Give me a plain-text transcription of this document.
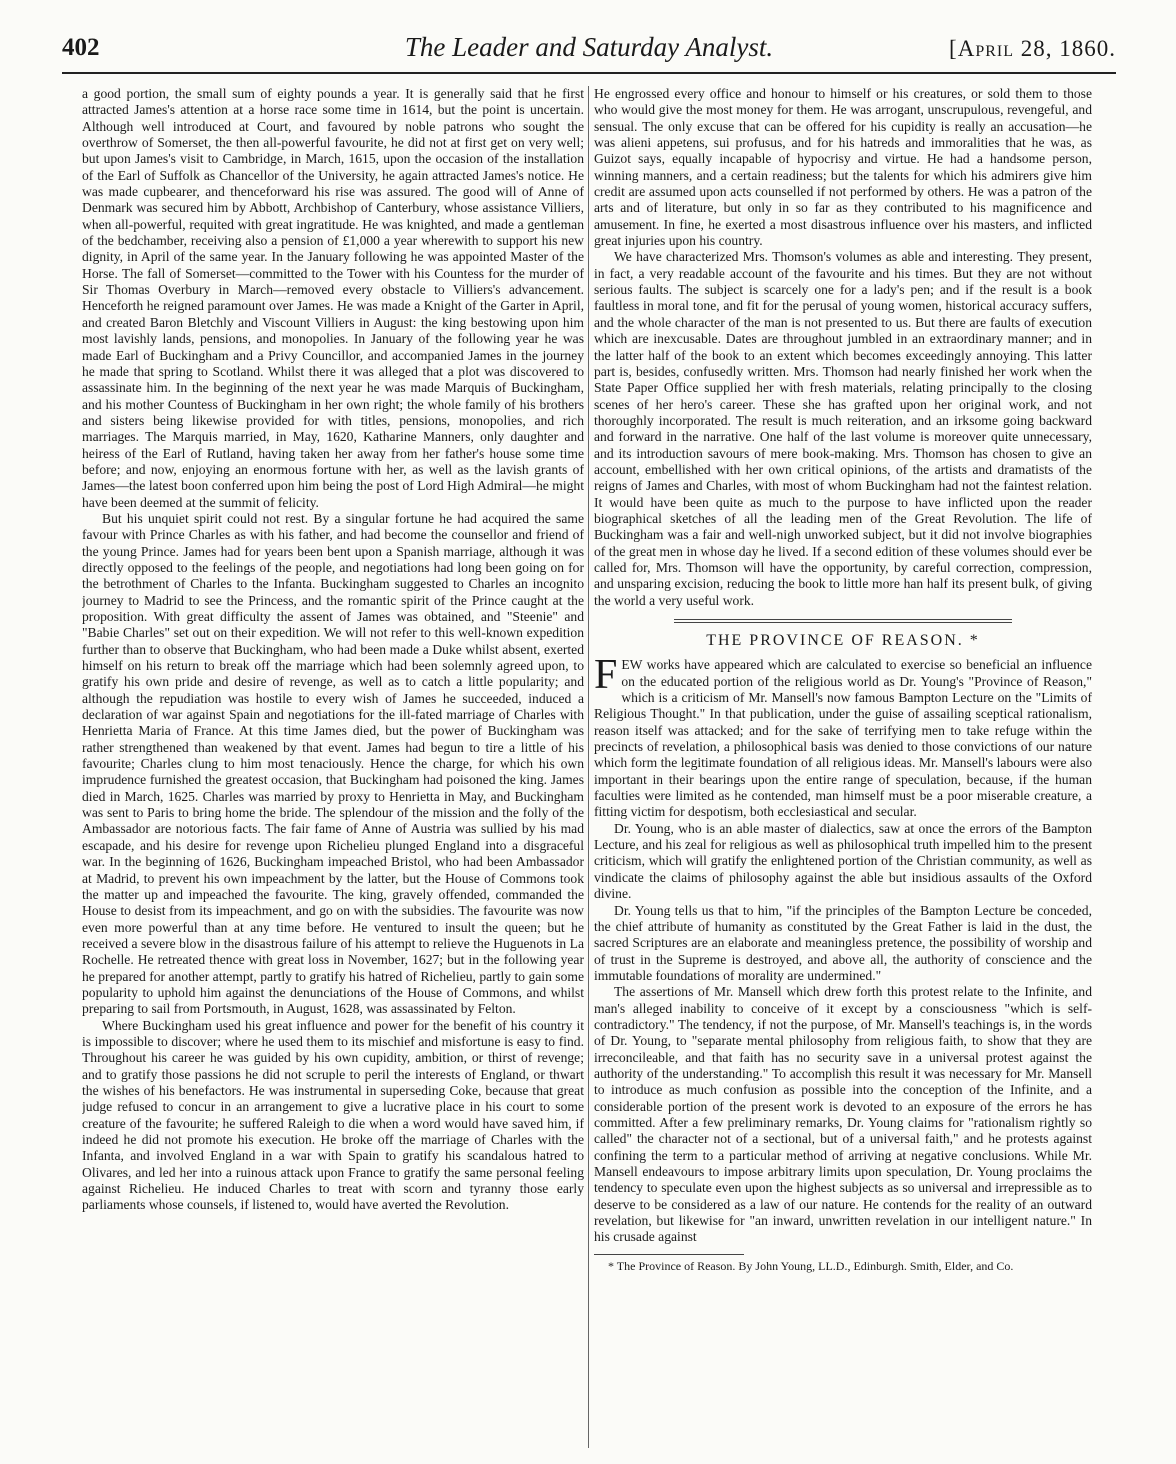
402	The Leader and Saturday Analyst.	[April 28, 1860.

a good portion, the small sum of eighty pounds a year. It is generally said that he first attracted James's attention at a horse race some time in 1614, but the point is uncertain. Although well introduced at Court, and favoured by noble patrons who sought the overthrow of Somerset, the then all-powerful favourite, he did not at first get on very well; but upon James's visit to Cambridge, in March, 1615, upon the occasion of the installation of the Earl of Suffolk as Chancellor of the University, he again attracted James's notice. He was made cupbearer, and thenceforward his rise was assured. The good will of Anne of Denmark was secured him by Abbott, Archbishop of Canterbury, whose assistance Villiers, when all-powerful, requited with great ingratitude. He was knighted, and made a gentleman of the bedchamber, receiving also a pension of £1,000 a year wherewith to support his new dignity, in April of the same year. In the January following he was appointed Master of the Horse. The fall of Somerset—committed to the Tower with his Countess for the murder of Sir Thomas Overbury in March—removed every obstacle to Villiers's advancement. Henceforth he reigned paramount over James. He was made a Knight of the Garter in April, and created Baron Bletchly and Viscount Villiers in August: the king bestowing upon him most lavishly lands, pensions, and monopolies. In January of the following year he was made Earl of Buckingham and a Privy Councillor, and accompanied James in the journey he made that spring to Scotland. Whilst there it was alleged that a plot was discovered to assassinate him. In the beginning of the next year he was made Marquis of Buckingham, and his mother Countess of Buckingham in her own right; the whole family of his brothers and sisters being likewise provided for with titles, pensions, monopolies, and rich marriages. The Marquis married, in May, 1620, Katharine Manners, only daughter and heiress of the Earl of Rutland, having taken her away from her father's house some time before; and now, enjoying an enormous fortune with her, as well as the lavish grants of James—the latest boon conferred upon him being the post of Lord High Admiral—he might have been deemed at the summit of felicity.

But his unquiet spirit could not rest. By a singular fortune he had acquired the same favour with Prince Charles as with his father, and had become the counsellor and friend of the young Prince. James had for years been bent upon a Spanish marriage, although it was directly opposed to the feelings of the people, and negotiations had long been going on for the betrothment of Charles to the Infanta. Buckingham suggested to Charles an incognito journey to Madrid to see the Princess, and the romantic spirit of the Prince caught at the proposition. With great difficulty the assent of James was obtained, and "Steenie" and "Babie Charles" set out on their expedition. We will not refer to this well-known expedition further than to observe that Buckingham, who had been made a Duke whilst absent, exerted himself on his return to break off the marriage which had been solemnly agreed upon, to gratify his own pride and desire of revenge, as well as to catch a little popularity; and although the repudiation was hostile to every wish of James he succeeded, induced a declaration of war against Spain and negotiations for the ill-fated marriage of Charles with Henrietta Maria of France. At this time James died, but the power of Buckingham was rather strengthened than weakened by that event. James had begun to tire a little of his favourite; Charles clung to him most tenaciously. Hence the charge, for which his own imprudence furnished the greatest occasion, that Buckingham had poisoned the king. James died in March, 1625. Charles was married by proxy to Henrietta in May, and Buckingham was sent to Paris to bring home the bride. The splendour of the mission and the folly of the Ambassador are notorious facts. The fair fame of Anne of Austria was sullied by his mad escapade, and his desire for revenge upon Richelieu plunged England into a disgraceful war. In the beginning of 1626, Buckingham impeached Bristol, who had been Ambassador at Madrid, to prevent his own impeachment by the latter, but the House of Commons took the matter up and impeached the favourite. The king, gravely offended, commanded the House to desist from its impeachment, and go on with the subsidies. The favourite was now even more powerful than at any time before. He ventured to insult the queen; but he received a severe blow in the disastrous failure of his attempt to relieve the Huguenots in La Rochelle. He retreated thence with great loss in November, 1627; but in the following year he prepared for another attempt, partly to gratify his hatred of Richelieu, partly to gain some popularity to uphold him against the denunciations of the House of Commons, and whilst preparing to sail from Portsmouth, in August, 1628, was assassinated by Felton.

Where Buckingham used his great influence and power for the benefit of his country it is impossible to discover; where he used them to its mischief and misfortune is easy to find. Throughout his career he was guided by his own cupidity, ambition, or thirst of revenge; and to gratify those passions he did not scruple to peril the interests of England, or thwart the wishes of his benefactors. He was instrumental in superseding Coke, because that great judge refused to concur in an arrangement to give a lucrative place in his court to some creature of the favourite; he suffered Raleigh to die when a word would have saved him, if indeed he did not promote his execution. He broke off the marriage of Charles with the Infanta, and involved England in a war with Spain to gratify his scandalous hatred to Olivares, and led her into a ruinous attack upon France to gratify the same personal feeling against Richelieu. He induced Charles to treat with scorn and tyranny those early parliaments whose counsels, if listened to, would have averted the Revolution.

He engrossed every office and honour to himself or his creatures, or sold them to those who would give the most money for them. He was arrogant, unscrupulous, revengeful, and sensual. The only excuse that can be offered for his cupidity is really an accusation—he was alieni appetens, sui profusus, and for his hatreds and immoralities that he was, as Guizot says, equally incapable of hypocrisy and virtue. He had a handsome person, winning manners, and a certain readiness; but the talents for which his admirers give him credit are assumed upon acts counselled if not performed by others. He was a patron of the arts and of literature, but only in so far as they contributed to his magnificence and amusement. In fine, he exerted a most disastrous influence over his masters, and inflicted great injuries upon his country.

We have characterized Mrs. Thomson's volumes as able and interesting. They present, in fact, a very readable account of the favourite and his times. But they are not without serious faults. The subject is scarcely one for a lady's pen; and if the result is a book faultless in moral tone, and fit for the perusal of young women, historical accuracy suffers, and the whole character of the man is not presented to us. But there are faults of execution which are inexcusable. Dates are throughout jumbled in an extraordinary manner; and in the latter half of the book to an extent which becomes exceedingly annoying. This latter part is, besides, confusedly written. Mrs. Thomson had nearly finished her work when the State Paper Office supplied her with fresh materials, relating principally to the closing scenes of her hero's career. These she has grafted upon her original work, and not thoroughly incorporated. The result is much reiteration, and an irksome going backward and forward in the narrative. One half of the last volume is moreover quite unnecessary, and its introduction savours of mere book-making. Mrs. Thomson has chosen to give an account, embellished with her own critical opinions, of the artists and dramatists of the reigns of James and Charles, with most of whom Buckingham had not the faintest relation. It would have been quite as much to the purpose to have inflicted upon the reader biographical sketches of all the leading men of the Great Revolution. The life of Buckingham was a fair and well-nigh unworked subject, but it did not involve biographies of the great men in whose day he lived. If a second edition of these volumes should ever be called for, Mrs. Thomson will have the opportunity, by careful correction, compression, and unsparing excision, reducing the book to little more han half its present bulk, of giving the world a very useful work.

THE PROVINCE OF REASON. *

FEW works have appeared which are calculated to exercise so beneficial an influence on the educated portion of the religious world as Dr. Young's "Province of Reason," which is a criticism of Mr. Mansell's now famous Bampton Lecture on the "Limits of Religious Thought." In that publication, under the guise of assailing sceptical rationalism, reason itself was attacked; and for the sake of terrifying men to take refuge within the precincts of revelation, a philosophical basis was denied to those convictions of our nature which form the legitimate foundation of all religious ideas. Mr. Mansell's labours were also important in their bearings upon the entire range of speculation, because, if the human faculties were limited as he contended, man himself must be a poor miserable creature, a fitting victim for despotism, both ecclesiastical and secular.

Dr. Young, who is an able master of dialectics, saw at once the errors of the Bampton Lecture, and his zeal for religious as well as philosophical truth impelled him to the present criticism, which will gratify the enlightened portion of the Christian community, as well as vindicate the claims of philosophy against the able but insidious assaults of the Oxford divine.

Dr. Young tells us that to him, "if the principles of the Bampton Lecture be conceded, the chief attribute of humanity as constituted by the Great Father is laid in the dust, the sacred Scriptures are an elaborate and meaningless pretence, the possibility of worship and of trust in the Supreme is destroyed, and above all, the authority of conscience and the immutable foundations of morality are undermined."

The assertions of Mr. Mansell which drew forth this protest relate to the Infinite, and man's alleged inability to conceive of it except by a consciousness "which is self-contradictory." The tendency, if not the purpose, of Mr. Mansell's teachings is, in the words of Dr. Young, to "separate mental philosophy from religious faith, to show that they are irreconcileable, and that faith has no security save in a universal protest against the authority of the understanding." To accomplish this result it was necessary for Mr. Mansell to introduce as much confusion as possible into the conception of the Infinite, and a considerable portion of the present work is devoted to an exposure of the errors he has committed. After a few preliminary remarks, Dr. Young claims for "rationalism rightly so called" the character not of a sectional, but of a universal faith," and he protests against confining the term to a particular method of arriving at negative conclusions. While Mr. Mansell endeavours to impose arbitrary limits upon speculation, Dr. Young proclaims the tendency to speculate even upon the highest subjects as so universal and irrepressible as to deserve to be considered as a law of our nature. He contends for the reality of an outward revelation, but likewise for "an inward, unwritten revelation in our intelligent nature." In his crusade against

* The Province of Reason. By John Young, LL.D., Edinburgh. Smith, Elder, and Co.
